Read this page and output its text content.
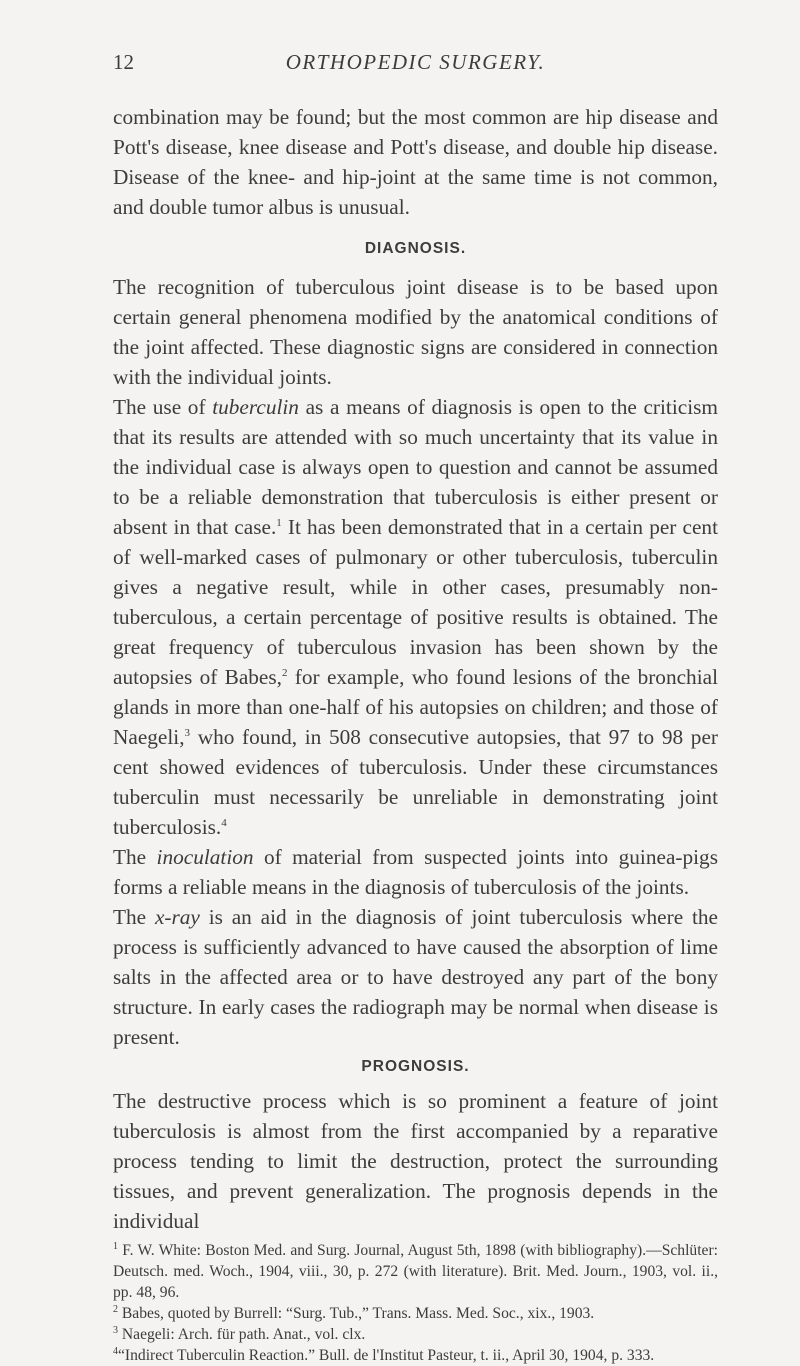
12	ORTHOPEDIC SURGERY.

combination may be found; but the most common are hip disease and Pott's disease, knee disease and Pott's disease, and double hip disease. Disease of the knee- and hip-joint at the same time is not common, and double tumor albus is unusual.

DIAGNOSIS.

The recognition of tuberculous joint disease is to be based upon certain general phenomena modified by the anatomical conditions of the joint affected. These diagnostic signs are considered in connection with the individual joints.

The use of tuberculin as a means of diagnosis is open to the criticism that its results are attended with so much uncertainty that its value in the individual case is always open to question and cannot be assumed to be a reliable demonstration that tuberculosis is either present or absent in that case.$^1$ It has been demonstrated that in a certain per cent of well-marked cases of pulmonary or other tuberculosis, tuberculin gives a negative result, while in other cases, presumably non-tuberculous, a certain percentage of positive results is obtained. The great frequency of tuberculous invasion has been shown by the autopsies of Babes,$^2$ for example, who found lesions of the bronchial glands in more than one-half of his autopsies on children; and those of Naegeli,$^3$ who found, in 508 consecutive autopsies, that 97 to 98 per cent showed evidences of tuberculosis. Under these circumstances tuberculin must necessarily be unreliable in demonstrating joint tuberculosis.$^4$

The inoculation of material from suspected joints into guinea-pigs forms a reliable means in the diagnosis of tuberculosis of the joints.

The x-ray is an aid in the diagnosis of joint tuberculosis where the process is sufficiently advanced to have caused the absorption of lime salts in the affected area or to have destroyed any part of the bony structure. In early cases the radiograph may be normal when disease is present.

PROGNOSIS.

The destructive process which is so prominent a feature of joint tuberculosis is almost from the first accompanied by a reparative process tending to limit the destruction, protect the surrounding tissues, and prevent generalization. The prognosis depends in the individual

$^1$ F. W. White: Boston Med. and Surg. Journal, August 5th, 1898 (with bibliography).—Schlüter: Deutsch. med. Woch., 1904, viii., 30, p. 272 (with literature). Brit. Med. Journ., 1903, vol. ii., pp. 48, 96.

$^2$ Babes, quoted by Burrell: “Surg. Tub.,” Trans. Mass. Med. Soc., xix., 1903.

$^3$ Naegeli: Arch. für path. Anat., vol. clx.

$^4$“Indirect Tuberculin Reaction.” Bull. de l'Institut Pasteur, t. ii., April 30, 1904, p. 333.
